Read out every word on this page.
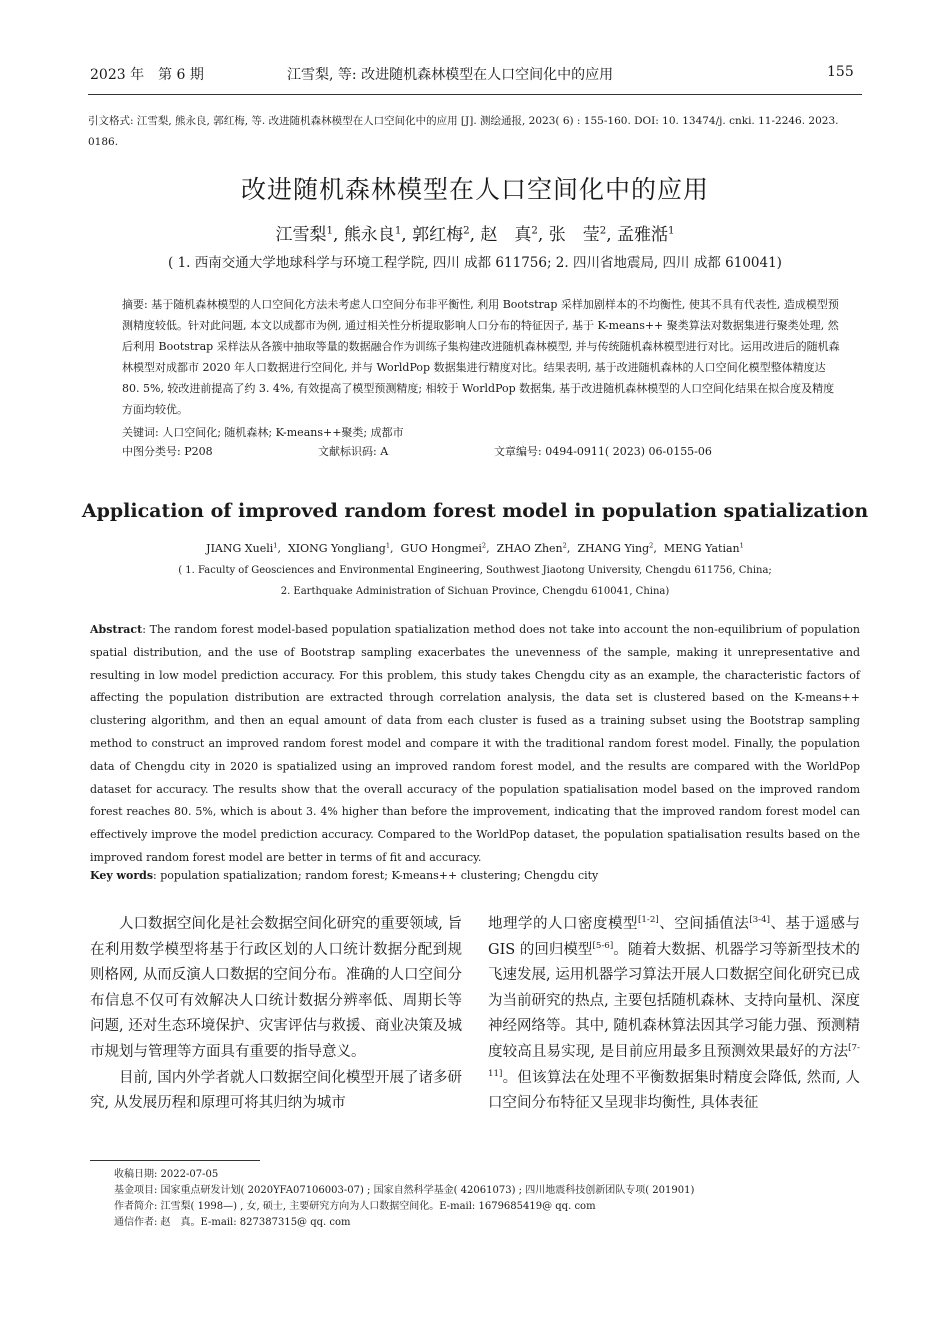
2023 年　第 6 期	江雪梨, 等: 改进随机森林模型在人口空间化中的应用	155
引文格式: 江雪梨, 熊永良, 郭红梅, 等. 改进随机森林模型在人口空间化中的应用 [J]. 测绘通报, 2023( 6) : 155-160. DOI: 10. 13474/j. cnki. 11-2246. 2023. 0186.
改进随机森林模型在人口空间化中的应用
江雪梨$^1$, 熊永良$^1$, 郭红梅$^2$, 赵　真$^2$, 张　莹$^2$, 孟雅湉$^1$
( 1. 西南交通大学地球科学与环境工程学院, 四川 成都 611756; 2. 四川省地震局, 四川 成都 610041)
摘要: 基于随机森林模型的人口空间化方法未考虑人口空间分布非平衡性, 利用 Bootstrap 采样加剧样本的不均衡性, 使其不具有代表性, 造成模型预测精度较低。针对此问题, 本文以成都市为例, 通过相关性分析提取影响人口分布的特征因子, 基于 K-means++ 聚类算法对数据集进行聚类处理, 然后利用 Bootstrap 采样法从各簇中抽取等量的数据融合作为训练子集构建改进随机森林模型, 并与传统随机森林模型进行对比。运用改进后的随机森林模型对成都市 2020 年人口数据进行空间化, 并与 WorldPop 数据集进行精度对比。结果表明, 基于改进随机森林的人口空间化模型整体精度达 80. 5%, 较改进前提高了约 3. 4%, 有效提高了模型预测精度; 相较于 WorldPop 数据集, 基于改进随机森林模型的人口空间化结果在拟合度及精度方面均较优。
关键词: 人口空间化; 随机森林; K-means++聚类; 成都市
中图分类号: P208	文献标识码: A	文章编号: 0494-0911( 2023) 06-0155-06
Application of improved random forest model in population spatialization
JIANG Xueli$^1$,  XIONG Yongliang$^1$,  GUO Hongmei$^2$,  ZHAO Zhen$^2$,  ZHANG Ying$^2$,  MENG Yatian$^1$
( 1. Faculty of Geosciences and Environmental Engineering, Southwest Jiaotong University, Chengdu 611756, China;
2. Earthquake Administration of Sichuan Province, Chengdu 610041, China)
Abstract: The random forest model-based population spatialization method does not take into account the non-equilibrium of population spatial distribution, and the use of Bootstrap sampling exacerbates the unevenness of the sample, making it unrepresentative and resulting in low model prediction accuracy. For this problem, this study takes Chengdu city as an example, the characteristic factors of affecting the population distribution are extracted through correlation analysis, the data set is clustered based on the K-means++ clustering algorithm, and then an equal amount of data from each cluster is fused as a training subset using the Bootstrap sampling method to construct an improved random forest model and compare it with the traditional random forest model. Finally, the population data of Chengdu city in 2020 is spatialized using an improved random forest model, and the results are compared with the WorldPop dataset for accuracy. The results show that the overall accuracy of the population spatialisation model based on the improved random forest reaches 80. 5%, which is about 3. 4% higher than before the improvement, indicating that the improved random forest model can effectively improve the model prediction accuracy. Compared to the WorldPop dataset, the population spatialisation results based on the improved random forest model are better in terms of fit and accuracy.
Key words: population spatialization; random forest; K-means++ clustering; Chengdu city

人口数据空间化是社会数据空间化研究的重要领域, 旨在利用数学模型将基于行政区划的人口统计数据分配到规则格网, 从而反演人口数据的空间分布。准确的人口空间分布信息不仅可有效解决人口统计数据分辨率低、周期长等问题, 还对生态环境保护、灾害评估与救援、商业决策及城市规划与管理等方面具有重要的指导意义。

目前, 国内外学者就人口数据空间化模型开展了诸多研究, 从发展历程和原理可将其归纳为城市

地理学的人口密度模型[1-2]、空间插值法[3-4]、基于遥感与 GIS 的回归模型[5-6]。随着大数据、机器学习等新型技术的飞速发展, 运用机器学习算法开展人口数据空间化研究已成为当前研究的热点, 主要包括随机森林、支持向量机、深度神经网络等。其中, 随机森林算法因其学习能力强、预测精度较高且易实现, 是目前应用最多且预测效果最好的方法[7-11]。但该算法在处理不平衡数据集时精度会降低, 然而, 人口空间分布特征又呈现非均衡性, 具体表征

收稿日期: 2022-07-05
基金项目: 国家重点研发计划( 2020YFA07106003-07) ; 国家自然科学基金( 42061073) ; 四川地震科技创新团队专项( 201901)
作者简介: 江雪梨( 1998—) , 女, 硕士, 主要研究方向为人口数据空间化。E-mail: 1679685419@ qq. com
通信作者: 赵　真。E-mail: 827387315@ qq. com
